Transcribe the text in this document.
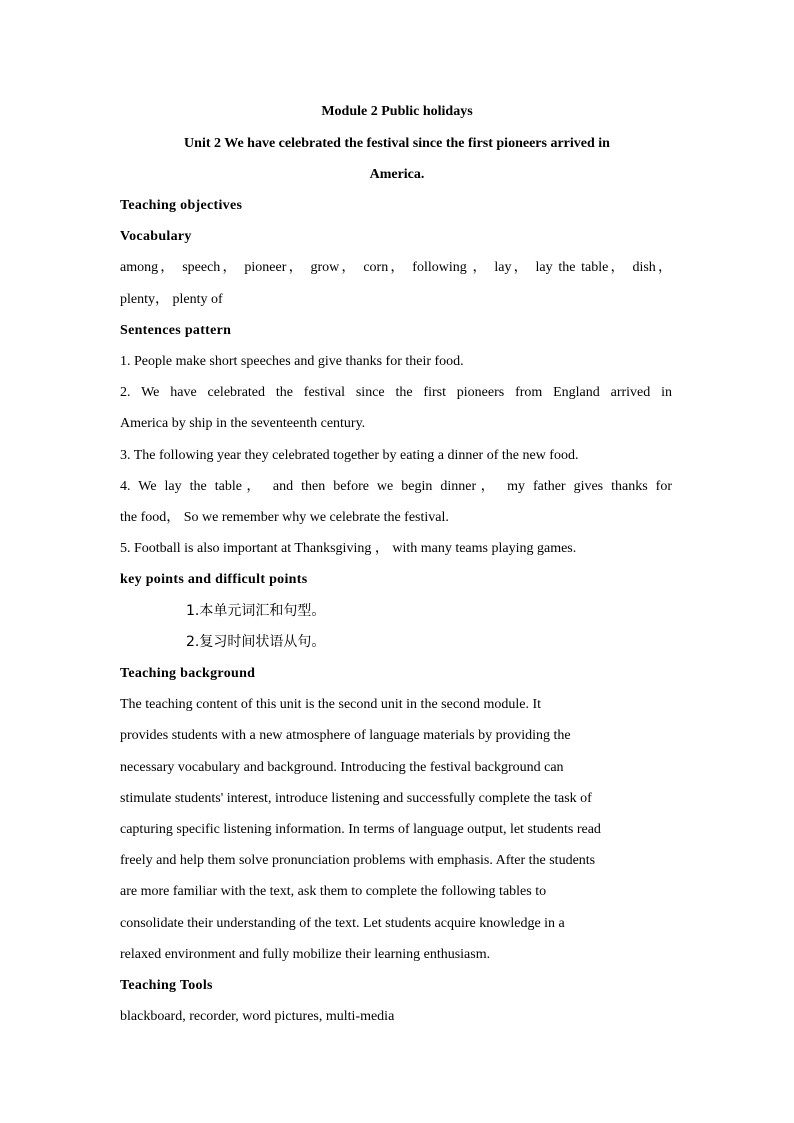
Module 2 Public holidays
Unit 2 We have celebrated the festival since the first pioneers arrived in
America.
Teaching objectives
Vocabulary
among， speech， pioneer， grow， corn， following ， lay， lay the table， dish，
plenty， plenty of
Sentences pattern
1. People make short speeches and give thanks for their food.
2. We have celebrated the festival since the first pioneers from England arrived in
America by ship in the seventeenth century.
3. The following year they celebrated together by eating a dinner of the new food.
4. We lay the table， and then before we begin dinner， my father gives thanks for
the food， So we remember why we celebrate the festival.
5. Football is also important at Thanksgiving ， with many teams playing games.
key points and difficult points
1.本单元词汇和句型。
2.复习时间状语从句。
Teaching background
The teaching content of this unit is the second unit in the second module. It
provides students with a new atmosphere of language materials by providing the
necessary vocabulary and background. Introducing the festival background can
stimulate students' interest, introduce listening and successfully complete the task of
capturing specific listening information. In terms of language output, let students read
freely and help them solve pronunciation problems with emphasis. After the students
are more familiar with the text, ask them to complete the following tables to
consolidate their understanding of the text. Let students acquire knowledge in a
relaxed environment and fully mobilize their learning enthusiasm.
Teaching Tools
blackboard, recorder, word pictures, multi-media
